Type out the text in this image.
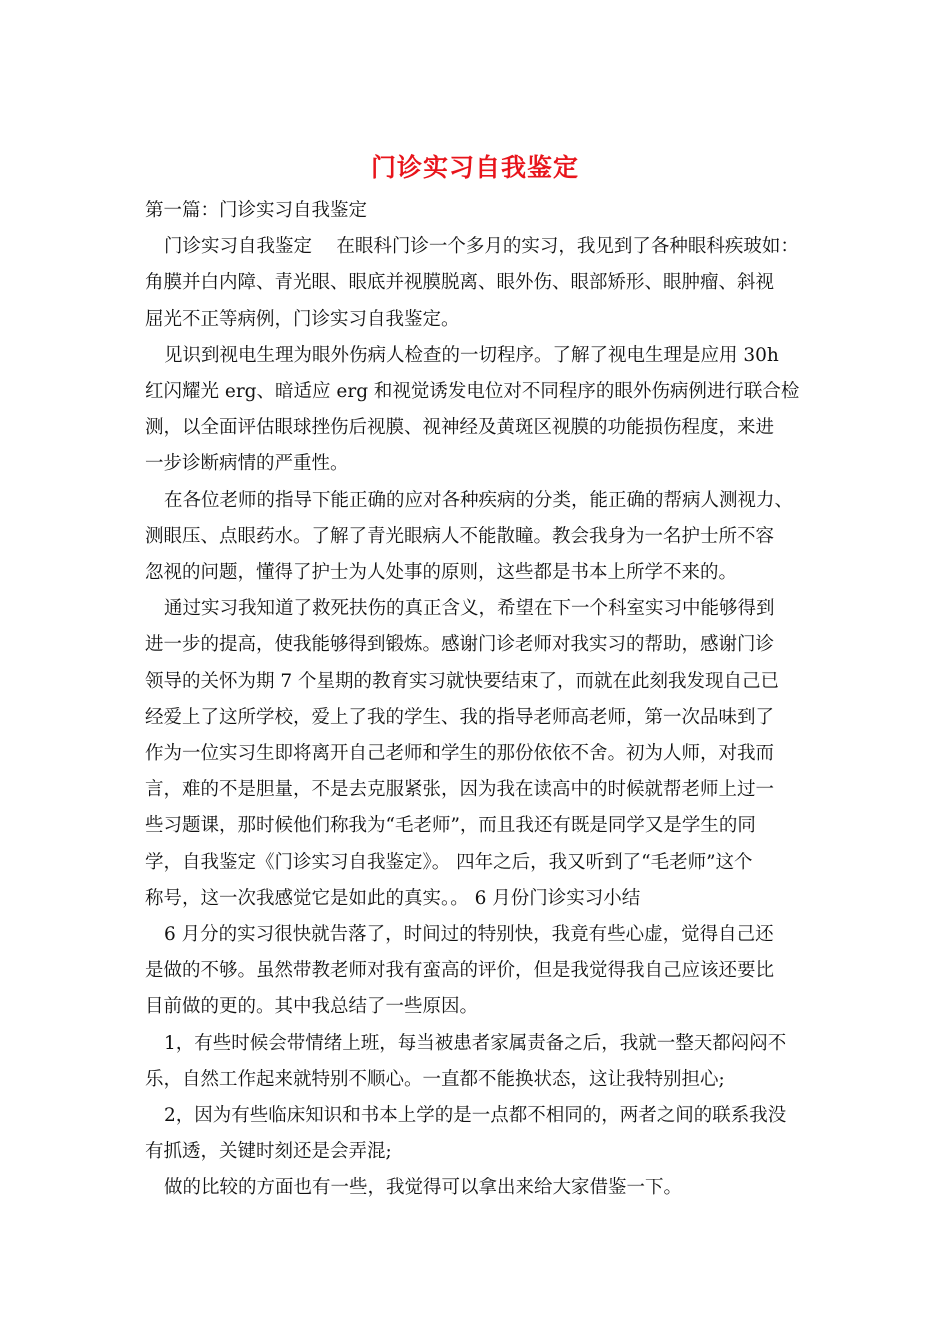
门诊实习自我鉴定
第一篇：门诊实习自我鉴定
门诊实习自我鉴定　 在眼科门诊一个多月的实习，我见到了各种眼科疾玻如：
角膜并白内障、青光眼、眼底并视膜脱离、眼外伤、眼部矫形、眼肿瘤、斜视
屈光不正等病例，门诊实习自我鉴定。
见识到视电生理为眼外伤病人检查的一切程序。了解了视电生理是应用 30h
红闪耀光 erg、暗适应 erg 和视觉诱发电位对不同程序的眼外伤病例进行联合检
测，以全面评估眼球挫伤后视膜、视神经及黄斑区视膜的功能损伤程度，来进
一步诊断病情的严重性。
在各位老师的指导下能正确的应对各种疾病的分类，能正确的帮病人测视力、
测眼压、点眼药水。了解了青光眼病人不能散瞳。教会我身为一名护士所不容
忽视的问题，懂得了护士为人处事的原则，这些都是书本上所学不来的。
通过实习我知道了救死扶伤的真正含义，希望在下一个科室实习中能够得到
进一步的提高，使我能够得到锻炼。感谢门诊老师对我实习的帮助，感谢门诊
领导的关怀为期 7 个星期的教育实习就快要结束了，而就在此刻我发现自己已
经爱上了这所学校，爱上了我的学生、我的指导老师高老师，第一次品味到了
作为一位实习生即将离开自己老师和学生的那份依依不舍。初为人师，对我而
言，难的不是胆量，不是去克服紧张，因为我在读高中的时候就帮老师上过一
些习题课，那时候他们称我为“毛老师”，而且我还有既是同学又是学生的同
学，自我鉴定《门诊实习自我鉴定》。 四年之后，我又听到了“毛老师”这个
称号，这一次我感觉它是如此的真实。。 6 月份门诊实习小结
6 月分的实习很快就告落了，时间过的特别快，我竟有些心虚，觉得自己还
是做的不够。虽然带教老师对我有蛮高的评价，但是我觉得我自己应该还要比
目前做的更的。其中我总结了一些原因。
1，有些时候会带情绪上班，每当被患者家属责备之后，我就一整天都闷闷不
乐，自然工作起来就特别不顺心。一直都不能换状态，这让我特别担心;
2，因为有些临床知识和书本上学的是一点都不相同的，两者之间的联系我没
有抓透，关键时刻还是会弄混;
做的比较的方面也有一些，我觉得可以拿出来给大家借鉴一下。
